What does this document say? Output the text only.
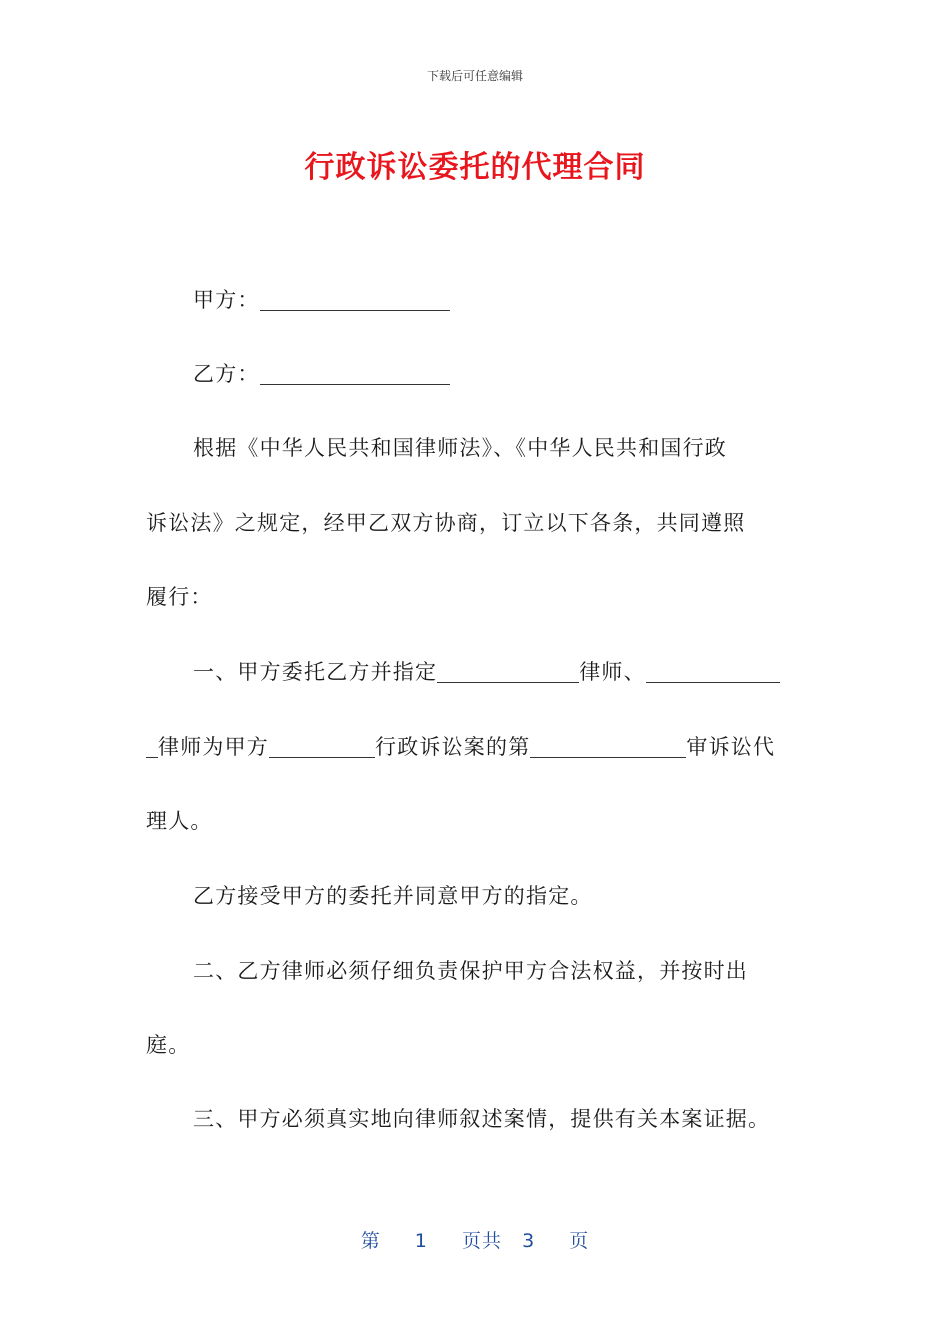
下载后可任意编辑
行政诉讼委托的代理合同
甲方：
乙方：
根据《中华人民共和国律师法》、《中华人民共和国行政
诉讼法》之规定，经甲乙双方协商，订立以下各条，共同遵照
履行：
一、甲方委托乙方并指定	律师、
律师为甲方	行政诉讼案的第	审诉讼代
理人。
乙方接受甲方的委托并同意甲方的指定。
二、乙方律师必须仔细负责保护甲方合法权益，并按时出
庭。
三、甲方必须真实地向律师叙述案情，提供有关本案证据。
第 1 页共 3 页
